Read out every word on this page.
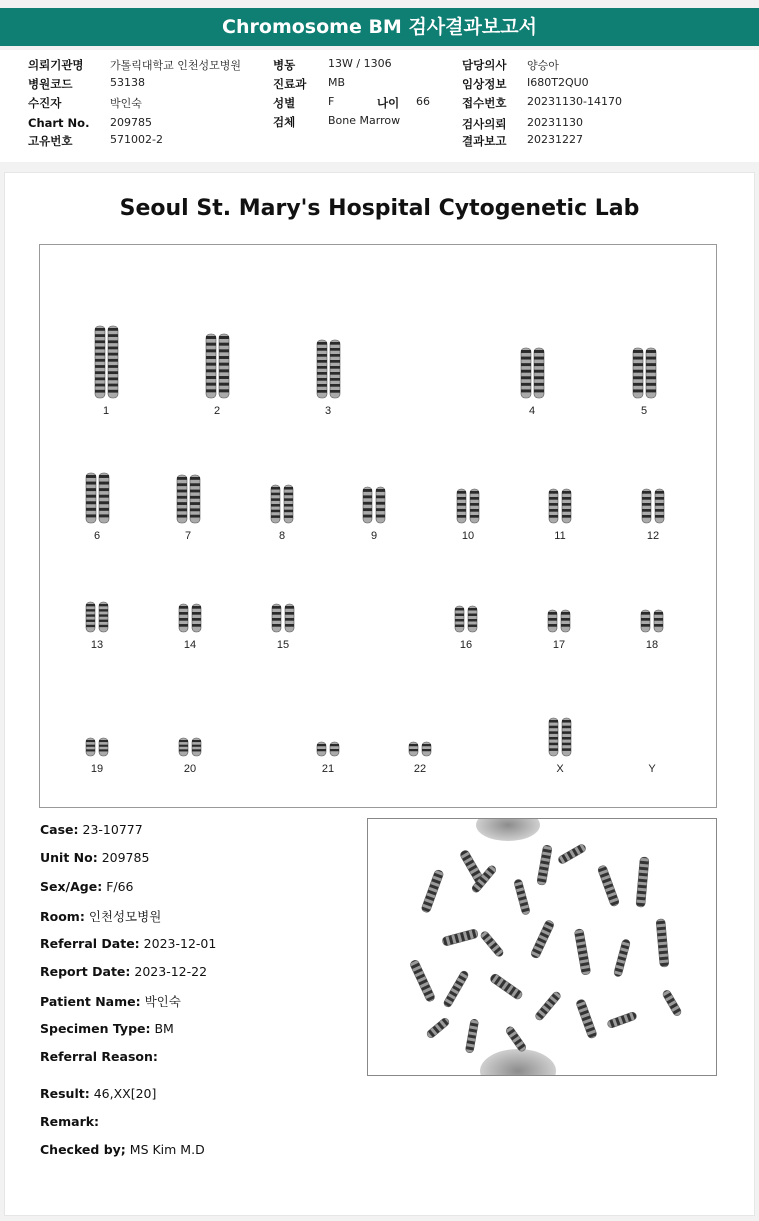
Chromosome BM 검사결과보고서
의뢰기관명 가톨릭대학교 인천성모병원
병원코드	53138
수진자	박인숙
Chart No. 209785
고유번호	571002-2
병동	13W / 1306
진료과 MB
성별	F	나이 66
검체	Bone Marrow
담당의사 양승아
임상정보 I680T2QU0
접수번호 20231130-14170
검사의뢰 20231130
결과보고 20231227
Seoul St. Mary's Hospital Cytogenetic Lab
1	2	3	4	5
6	7	8	9	10	11	12
13	14	15	16	17	18
19	20	21	22	X	Y
Case: 23-10777
Unit No: 209785
Sex/Age: F/66
Room: 인천성모병원
Referral Date: 2023-12-01
Report Date: 2023-12-22
Patient Name: 박인숙
Specimen Type: BM
Referral Reason:
Result: 46,XX[20]
Remark:
Checked by; MS Kim M.D
